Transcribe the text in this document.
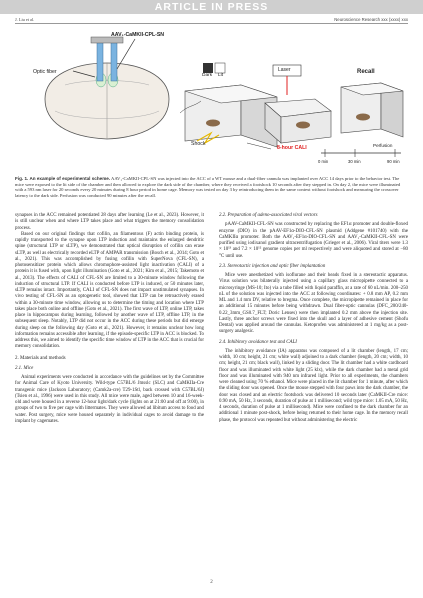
ARTICLE IN PRESS
J. Liu et al.	Neuroscience Research xxx (xxxx) xxx
AAV₁-CaMKII-CPL-SN
Optic fiber
Dark Lit
Shock
Laser	Recall
8-hour CALI
0 min	30 min	90 min
Perfusion
Fig. 1. An example of experimental scheme. AAV₁-CaMKII-CPL-SN was injected into the ACC of a WT mouse and a dual-fiber cannula was implanted over ACC 14 days prior to the behavior test. The mice were exposed to the lit side of the chamber and then allowed to explore the dark side of the chamber, where they received a footshock 10 seconds after they stepped in. On day 2, the mice were illuminated with a 593 nm laser for 20 seconds every 20 minutes during 8 hour period in home cage. Memory was tested on day 3 by reintroducing them in the same context without footshock and measuring the crossover latency to the dark side. Perfusion was conducted 90 minutes after the recall.

synapses in the ACC remained potentiated 28 days after learning (Le et al., 2023). However, it is still unclear when and where LTP takes place and what triggers the memory consolidation process.

Based on our original findings that cofilin, an filamentous (F) actin binding protein, is rapidly transported to the synapse upon LTP induction and maintains the enlarged dendritic spine (structural LTP or sLTP), we demonstrated that optical disruption of cofilin can erase sLTP, as well as electrically recorded eLTP of AMPAR transmission (Bosch et al., 2014; Goto et al., 2021). This was accomplished by fusing cofilin with SuperNova (CFL-SN), a photosensitizer protein which allows chromophore-assisted light inactivation (CALI) of a protein it is fused with, upon light illumination (Goto et al., 2021; Kim et al., 2015; Takemoto et al., 2013). The effects of CALI of CFL-SN are limited to a 30-minute window following the induction of structural LTP. If CALI is conducted before LTP is induced, or 50 minutes later, sLTP remains intact. Importantly, CALI of CFL-SN does not impact unstimulated synapses. In vivo testing of CFL-SN as an optogenetic tool, showed that LTP can be retroactively erased within a 30-minute time window, allowing us to determine the timing and location where LTP takes place both online and offline (Goto et al., 2021). The first wave of LTP, online LTP, takes place in hippocampus during learning, followed by another wave of LTP, offline LTP, in the subsequent sleep. Notably, LTP did not occur in the ACC during these periods but did emerge during sleep on the following day (Goto et al., 2021). However, it remains unclear how long information remains accessible after learning, if the episode-specific LTP in ACC is blocked. To address this, we aimed to identify the specific time window of LTP in the ACC that is crucial for memory consolidation.

2. Materials and methods
2.1. Mice

Animal experiments were conducted in accordance with the guidelines set by the Committee for Animal Care of Kyoto University. Wild-type C57BL/6 Jmsslc (SLC) and CaMKIIa-Cre transgenic mice (Jackson Laboratory; (Camk2a-cre) T29-1Stl, back crossed with C57BL/6J) (Tsien et al., 1996) were used in this study. All mice were male, aged between 10 and 16-week-old and were housed in a reverse 12-hour light/dark cycle (lights on at 21:00 and off at 9:00), in groups of two to five per cage with littermates. They were allowed ad libitum access to food and water. Post surgery, mice were housed separately in individual cages to avoid damage to the implant by cagemates.

2.2. Preparation of adeno-associated viral vectors

pAAV-CaMKII-CFL-SN was constructed by replacing the EF1α promoter and double-floxed enzyme (DIO) in the pAAV-EF1α-DIO-CFL-SN plasmid (Addgene #101740) with the CaMKIIα promoter. Both the AAV₁-EF1α-DIO-CFL-SN and AAV₁-CaMKII-CFL-SN were purified using iodixanol gradient ultracentrifugation (Grieger et al., 2006). Viral titers were 1.3 × 10¹³ and 7.2 × 10¹² genome copies per ml respectively and were aliquoted and stored at −80 °C until use.

2.3. Stereotactic injection and optic fiber implantation

Mice were anesthetized with isoflurane and their heads fixed in a stereotactic apparatus. Virus solution was bilaterally injected using a capillary glass micropipette connected to a microsyringe (MS-10; Ito) via a tube filled with liquid paraffin, at a rate of 60 nL/min. 200–250 nL of the solution was injected into the ACC at following coordinates: + 0.8 mm AP, 0.2 mm ML and 1.4 mm DV, relative to bregma. Once complete, the micropipette remained in place for an additional 15 minutes before being withdrawn. Dual fiber-optic cannulas (DFC_200/240-0.22_3mm_GS0.7_FLT; Doric Lenses) were then implanted 0.2 mm above the injection site. Lastly, three anchor screws were fixed into the skull and a layer of adhesive cement (Shofu Dental) was applied around the cannulas. Ketoprofen was administered at 1 mg/kg as a post-surgery analgesic.

2.4. Inhibitory avoidance test and CALI

The inhibitory avoidance (IA) apparatus was composed of a lit chamber (length, 17 cm; width, 10 cm; height, 21 cm; white wall) adjoined to a dark chamber (length, 20 cm; width, 10 cm; height, 21 cm; black wall), linked by a sliding door. The lit chamber had a white cardboard floor and was illuminated with white light (25 klx), while the dark chamber had a metal grid floor and was illuminated with 940 nm infrared light. Prior to all experiments, the chambers were cleaned using 70 % ethanol. Mice were placed in the lit chamber for 1 minute, after which the sliding door was opened. Once the mouse stepped with four paws into the dark chamber, the door was closed and an electric footshock was delivered 10 seconds later (CaMKII-Cre mice: 0.90 mA, 50 Hz, 3 seconds, duration of pulse at 1 millisecond; wild type mice: 1.05 mA, 50 Hz, 4 seconds, duration of pulse at 1 millisecond). Mice were confined to the dark chamber for an additional 1 minute post-shock, before being returned to their home cage. In the memory recall phase, the protocol was repeated but without administering the electric

2
